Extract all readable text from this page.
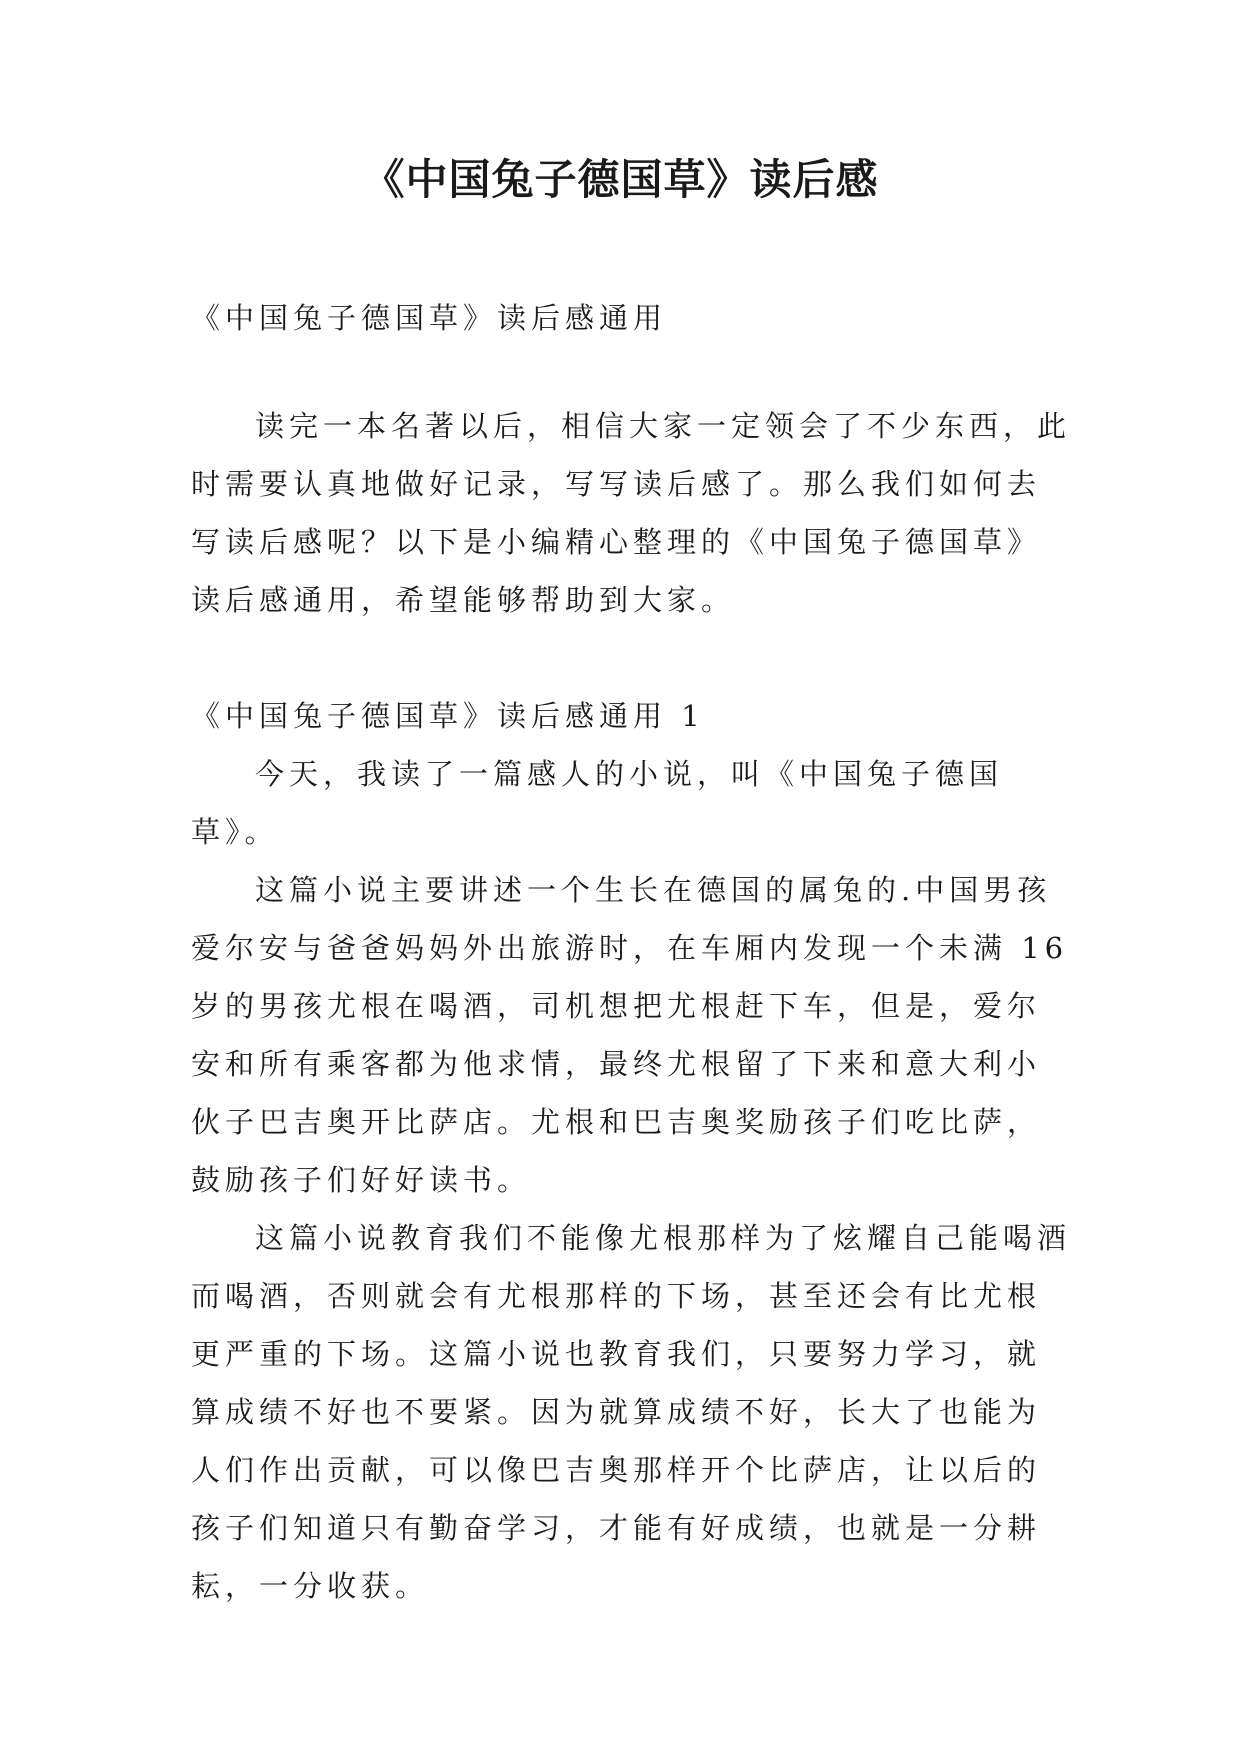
《中国兔子德国草》读后感

《中国兔子德国草》读后感通用

读完一本名著以后，相信大家一定领会了不少东西，此时需要认真地做好记录，写写读后感了。那么我们如何去写读后感呢？以下是小编精心整理的《中国兔子德国草》读后感通用，希望能够帮助到大家。

《中国兔子德国草》读后感通用 1

今天，我读了一篇感人的小说，叫《中国兔子德国草》。

这篇小说主要讲述一个生长在德国的属兔的.中国男孩爱尔安与爸爸妈妈外出旅游时，在车厢内发现一个未满 16 岁的男孩尤根在喝酒，司机想把尤根赶下车，但是，爱尔安和所有乘客都为他求情，最终尤根留了下来和意大利小伙子巴吉奥开比萨店。尤根和巴吉奥奖励孩子们吃比萨，鼓励孩子们好好读书。

这篇小说教育我们不能像尤根那样为了炫耀自己能喝酒而喝酒，否则就会有尤根那样的下场，甚至还会有比尤根更严重的下场。这篇小说也教育我们，只要努力学习，就算成绩不好也不要紧。因为就算成绩不好，长大了也能为人们作出贡献，可以像巴吉奥那样开个比萨店，让以后的孩子们知道只有勤奋学习，才能有好成绩，也就是一分耕耘，一分收获。
